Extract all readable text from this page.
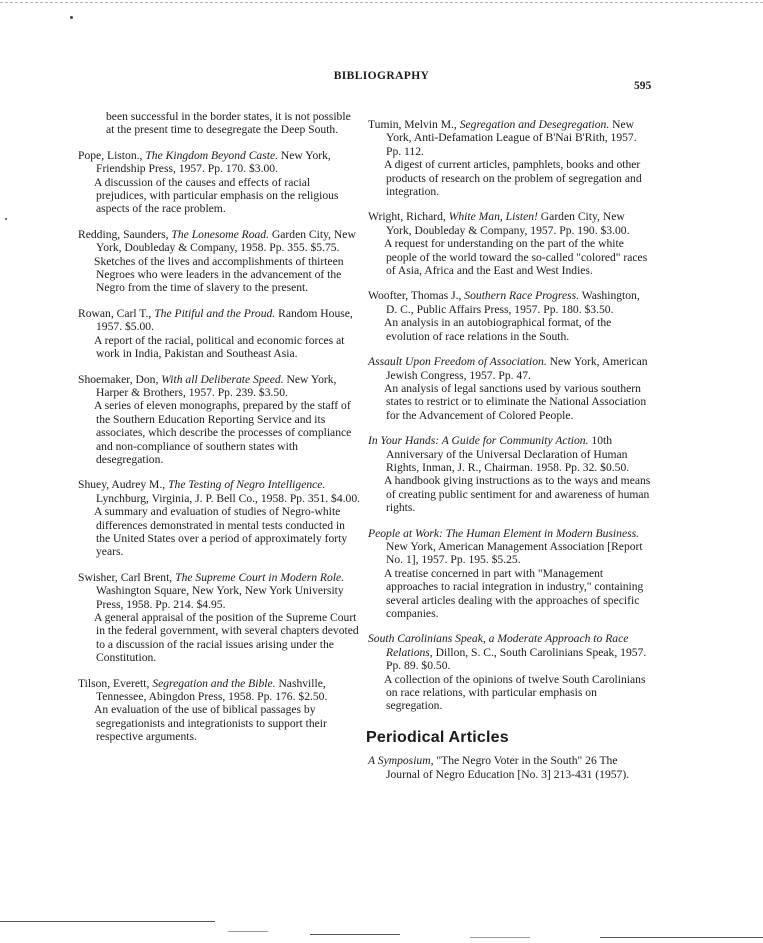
BIBLIOGRAPHY
595
been successful in the border states, it is not possible at the present time to desegregate the Deep South.
Pope, Liston., The Kingdom Beyond Caste. New York, Friendship Press, 1957. Pp. 170. $3.00.
A discussion of the causes and effects of racial prejudices, with particular emphasis on the religious aspects of the race problem.
Redding, Saunders, The Lonesome Road. Garden City, New York, Doubleday & Company, 1958. Pp. 355. $5.75.
Sketches of the lives and accomplishments of thirteen Negroes who were leaders in the advancement of the Negro from the time of slavery to the present.
Rowan, Carl T., The Pitiful and the Proud. Random House, 1957. $5.00.
A report of the racial, political and economic forces at work in India, Pakistan and Southeast Asia.
Shoemaker, Don, With all Deliberate Speed. New York, Harper & Brothers, 1957. Pp. 239. $3.50.
A series of eleven monographs, prepared by the staff of the Southern Education Reporting Service and its associates, which describe the processes of compliance and non-compliance of southern states with desegregation.
Shuey, Audrey M., The Testing of Negro Intelligence. Lynchburg, Virginia, J. P. Bell Co., 1958. Pp. 351. $4.00.
A summary and evaluation of studies of Negro-white differences demonstrated in mental tests conducted in the United States over a period of approximately forty years.
Swisher, Carl Brent, The Supreme Court in Modern Role. Washington Square, New York, New York University Press, 1958. Pp. 214. $4.95.
A general appraisal of the position of the Supreme Court in the federal government, with several chapters devoted to a discussion of the racial issues arising under the Constitution.
Tilson, Everett, Segregation and the Bible. Nashville, Tennessee, Abingdon Press, 1958. Pp. 176. $2.50.
An evaluation of the use of biblical passages by segregationists and integrationists to support their respective arguments.
Tumin, Melvin M., Segregation and Desegregation. New York, Anti-Defamation League of B'Nai B'Rith, 1957. Pp. 112.
A digest of current articles, pamphlets, books and other products of research on the problem of segregation and integration.
Wright, Richard, White Man, Listen! Garden City, New York, Doubleday & Company, 1957. Pp. 190. $3.00.
A request for understanding on the part of the white people of the world toward the so-called "colored" races of Asia, Africa and the East and West Indies.
Woofter, Thomas J., Southern Race Progress. Washington, D. C., Public Affairs Press, 1957. Pp. 180. $3.50.
An analysis in an autobiographical format, of the evolution of race relations in the South.
Assault Upon Freedom of Association. New York, American Jewish Congress, 1957. Pp. 47.
An analysis of legal sanctions used by various southern states to restrict or to eliminate the National Association for the Advancement of Colored People.
In Your Hands: A Guide for Community Action. 10th Anniversary of the Universal Declaration of Human Rights, Inman, J. R., Chairman. 1958. Pp. 32. $0.50.
A handbook giving instructions as to the ways and means of creating public sentiment for and awareness of human rights.
People at Work: The Human Element in Modern Business. New York, American Management Association [Report No. 1], 1957. Pp. 195. $5.25.
A treatise concerned in part with "Management approaches to racial integration in industry," containing several articles dealing with the approaches of specific companies.
South Carolinians Speak, a Moderate Approach to Race Relations, Dillon, S. C., South Carolinians Speak, 1957. Pp. 89. $0.50.
A collection of the opinions of twelve South Carolinians on race relations, with particular emphasis on segregation.
Periodical Articles
A Symposium, "The Negro Voter in the South" 26 The Journal of Negro Education [No. 3] 213-431 (1957).
